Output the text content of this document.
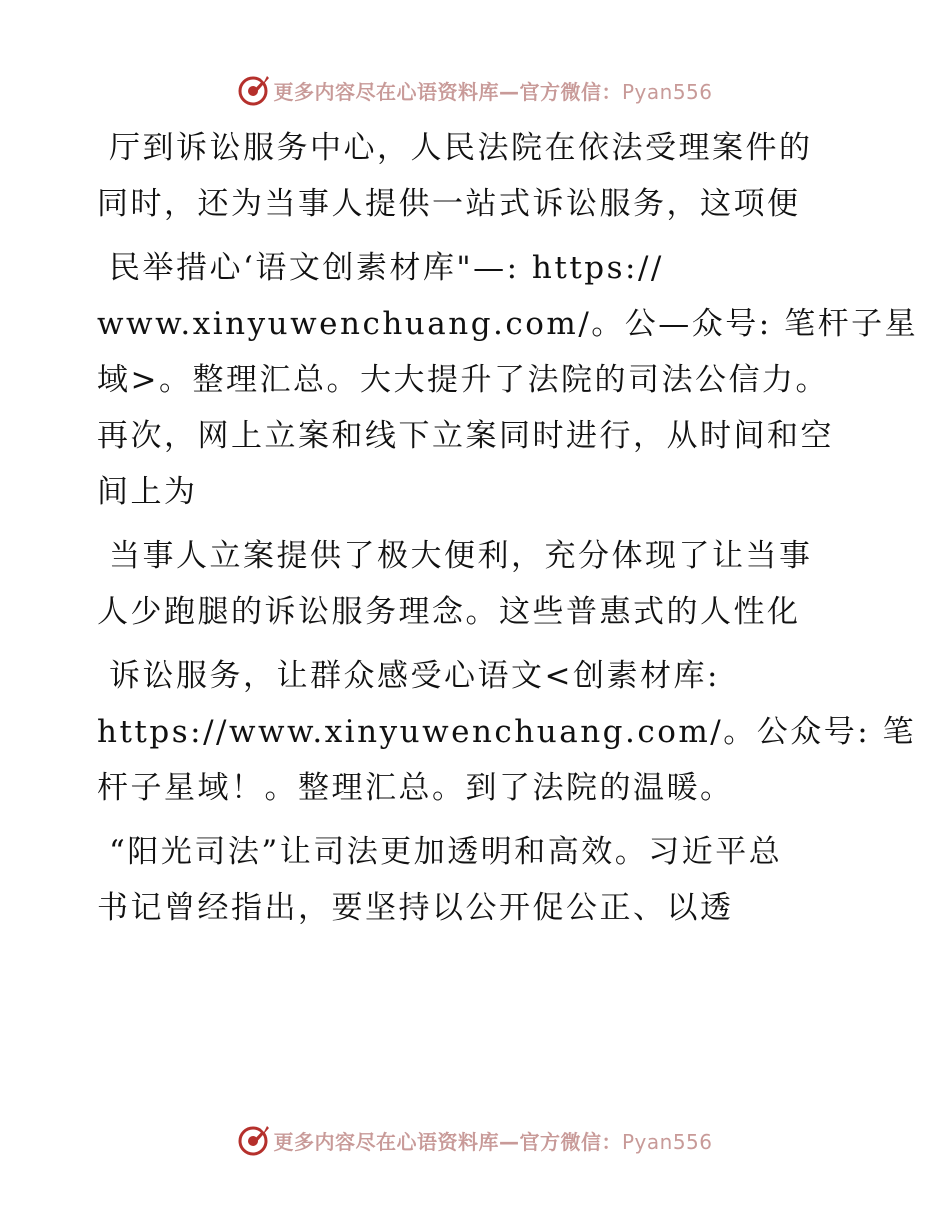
更多内容尽在心语资料库—官方微信：Pyan556
厅到诉讼服务中心，人民法院在依法受理案件的
同时，还为当事人提供一站式诉讼服务，这项便
民举措心‘语文创素材库"—: https://
www.xinyuwenchuang.com/。公—众号: 笔杆子星
域>。整理汇总。大大提升了法院的司法公信力。
再次，网上立案和线下立案同时进行，从时间和空
间上为
当事人立案提供了极大便利，充分体现了让当事
人少跑腿的诉讼服务理念。这些普惠式的人性化
诉讼服务，让群众感受心语文<创素材库:
https://www.xinyuwenchuang.com/。公众号: 笔
杆子星域！。整理汇总。到了法院的温暖。
“阳光司法”让司法更加透明和高效。习近平总
书记曾经指出，要坚持以公开促公正、以透
更多内容尽在心语资料库—官方微信：Pyan556
